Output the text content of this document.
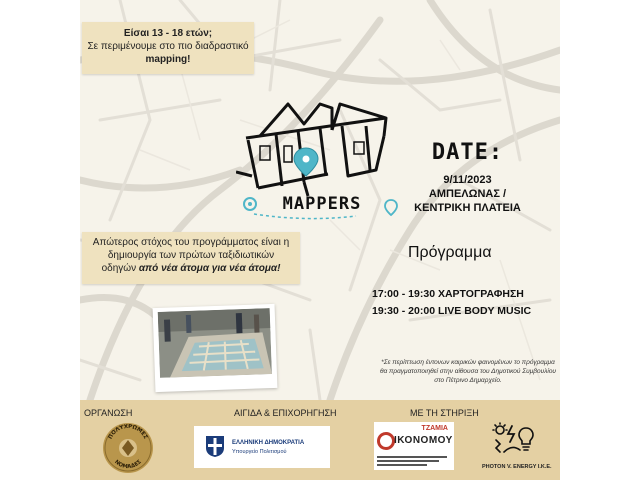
Είσαι 13 - 18 ετών;
Σε περιμένουμε στο πιο διαδραστικό
mapping!
MAPPERS
Απώτερος στόχος του προγράμματος είναι η
δημιουργία των πρώτων ταξιδιωτικών
οδηγών από νέα άτομα για νέα άτομα!
DATE:
9/11/2023
ΑΜΠΕΛΩΝΑΣ /
ΚΕΝΤΡΙΚΗ ΠΛΑΤΕΙΑ
Πρόγραμμα
17:00 - 19:30 ΧΑΡΤΟΓΡΑΦΗΣΗ
19:30 - 20:00 LIVE BODY MUSIC
*Σε περίπτωση έντονων καιρικών φαινομένων το πρόγραμμα θα πραγματοποιηθεί στην αίθουσα του Δημοτικού Συμβουλίου στο Πέτρινο Δημαρχείο.
ΟΡΓΑΝΩΣΗ	ΑΙΓΙΔΑ & ΕΠΙΧΟΡΗΓΗΣΗ	ΜΕ ΤΗ ΣΤΗΡΙΞΗ
ΠΟΛΥΧΡΩΜΕΣ
ΝΟΜΑΔΕΣ
ΕΛΛΗΝΙΚΗ ΔΗΜΟΚΡΑΤΙΑ
Υπουργείο Πολιτισμού
ΤΖΑΜΙΑ
ΙΚΟΝΟΜΟΥ
PHOTON V. ENERGY Ι.Κ.Ε.
